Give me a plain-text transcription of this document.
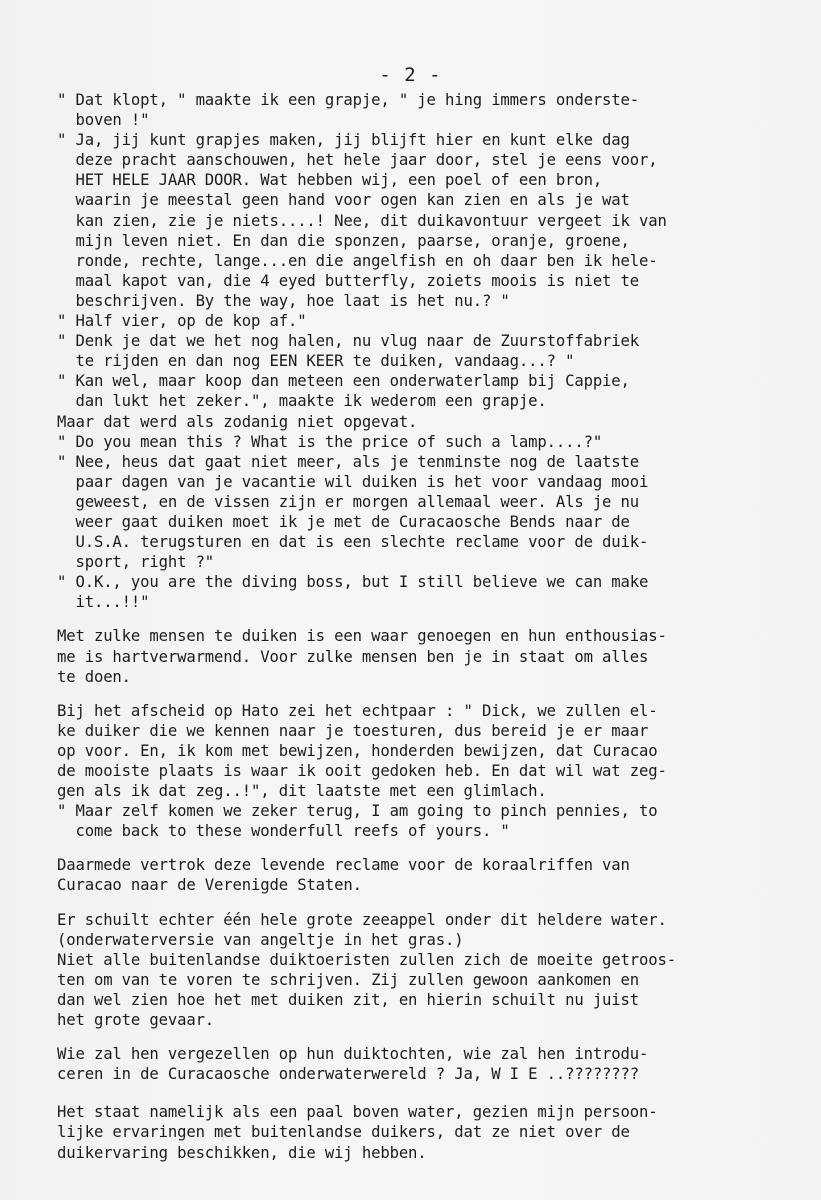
- 2 -
" Dat klopt, " maakte ik een grapje, " je hing immers onderste-
boven !"
" Ja, jij kunt grapjes maken, jij blijft hier en kunt elke dag
deze pracht aanschouwen, het hele jaar door, stel je eens voor,
HET HELE JAAR DOOR. Wat hebben wij, een poel of een bron,
waarin je meestal geen hand voor ogen kan zien en als je wat
kan zien, zie je niets....! Nee, dit duikavontuur vergeet ik van
mijn leven niet. En dan die sponzen, paarse, oranje, groene,
ronde, rechte, lange...en die angelfish en oh daar ben ik hele-
maal kapot van, die 4 eyed butterfly, zoiets moois is niet te
beschrijven. By the way, hoe laat is het nu.? "
" Half vier, op de kop af."
" Denk je dat we het nog halen, nu vlug naar de Zuurstoffabriek
te rijden en dan nog EEN KEER te duiken, vandaag...? "
" Kan wel, maar koop dan meteen een onderwaterlamp bij Cappie,
dan lukt het zeker.", maakte ik wederom een grapje.
Maar dat werd als zodanig niet opgevat.
" Do you mean this ? What is the price of such a lamp....?"
" Nee, heus dat gaat niet meer, als je tenminste nog de laatste
paar dagen van je vacantie wil duiken is het voor vandaag mooi
geweest, en de vissen zijn er morgen allemaal weer. Als je nu
weer gaat duiken moet ik je met de Curacaosche Bends naar de
U.S.A. terugsturen en dat is een slechte reclame voor de duik-
sport, right ?"
" O.K., you are the diving boss, but I still believe we can make
it...!!"
Met zulke mensen te duiken is een waar genoegen en hun enthousias-
me is hartverwarmend. Voor zulke mensen ben je in staat om alles
te doen.
Bij het afscheid op Hato zei het echtpaar : " Dick, we zullen el-
ke duiker die we kennen naar je toesturen, dus bereid je er maar
op voor. En, ik kom met bewijzen, honderden bewijzen, dat Curacao
de mooiste plaats is waar ik ooit gedoken heb. En dat wil wat zeg-
gen als ik dat zeg..!", dit laatste met een glimlach.
" Maar zelf komen we zeker terug, I am going to pinch pennies, to
come back to these wonderfull reefs of yours. "
Daarmede vertrok deze levende reclame voor de koraalriffen van
Curacao naar de Verenigde Staten.
Er schuilt echter één hele grote zeeappel onder dit heldere water.
(onderwaterversie van angeltje in het gras.)
Niet alle buitenlandse duiktoeristen zullen zich de moeite getroos-
ten om van te voren te schrijven. Zij zullen gewoon aankomen en
dan wel zien hoe het met duiken zit, en hierin schuilt nu juist
het grote gevaar.
Wie zal hen vergezellen op hun duiktochten, wie zal hen introdu-
ceren in de Curacaosche onderwaterwereld ? Ja, W I E ..????????
Het staat namelijk als een paal boven water, gezien mijn persoon-
lijke ervaringen met buitenlandse duikers, dat ze niet over de
duikervaring beschikken, die wij hebben.
